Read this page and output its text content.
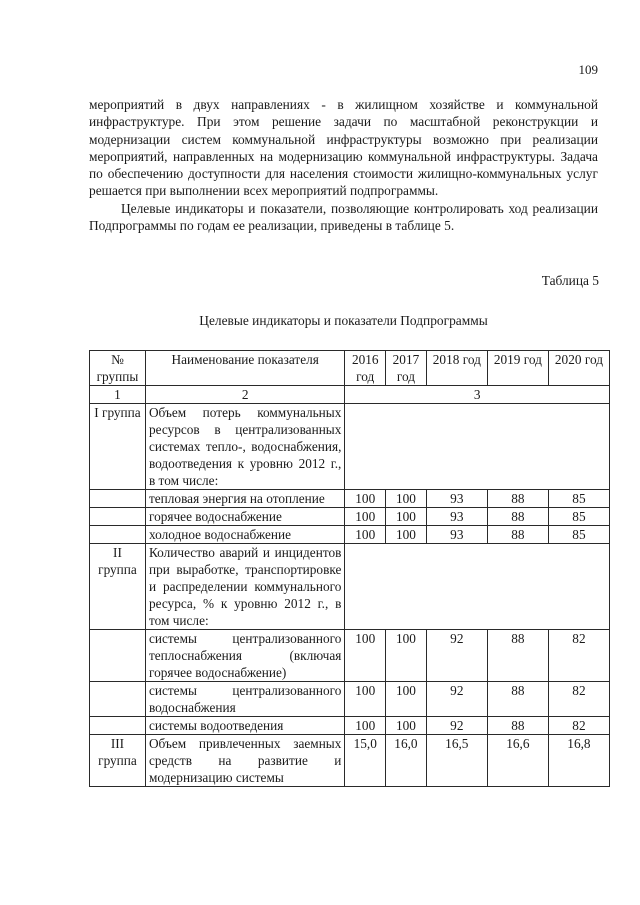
109

мероприятий в двух направлениях - в жилищном хозяйстве и коммунальной инфраструктуре. При этом решение задачи по масштабной реконструкции и модернизации систем коммунальной инфраструктуры возможно при реализации мероприятий, направленных на модернизацию коммунальной инфраструктуры. Задача по обеспечению доступности для населения стоимости жилищно-коммунальных услуг решается при выполнении всех мероприятий подпрограммы.

Целевые индикаторы и показатели, позволяющие контролировать ход реализации Подпрограммы по годам ее реализации, приведены в таблице 5.

Таблица 5
Целевые индикаторы и показатели Подпрограммы
№ группы	Наименование показателя	2016 год	2017 год	2018 год	2019 год	2020 год
1	2	3				
I группа	Объем потерь коммунальных ресурсов в централизованных системах тепло-, водоснабжения, водоотведения к уровню 2012 г., в том числе:					
	тепловая энергия на отопление	100	100	93	88	85
	горячее водоснабжение	100	100	93	88	85
	холодное водоснабжение	100	100	93	88	85
II группа	Количество аварий и инцидентов при выработке, транспортировке и распределении коммунального ресурса, % к уровню 2012 г., в том числе:					
	системы централизованного теплоснабжения (включая горячее водоснабжение)	100	100	92	88	82
	системы централизованного водоснабжения	100	100	92	88	82
	системы водоотведения	100	100	92	88	82
III группа	Объем привлеченных заемных средств на развитие и модернизацию системы	15,0	16,0	16,5	16,6	16,8
